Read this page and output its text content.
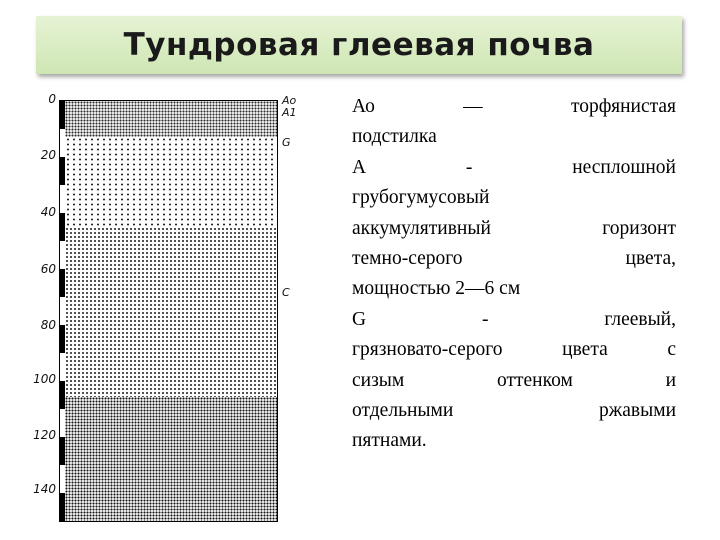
Тундровая глеевая почва
0
20
40
60
80
100
120
140
Ao
A1
G
C
Ао — торфянистая
подстилка
А - несплошной
грубогумусовый
аккумулятивный горизонт
темно-серого цвета,
мощностью 2—6 см
G - глеевый,
грязновато-серого цвета с
сизым оттенком и
отдельными ржавыми
пятнами.
